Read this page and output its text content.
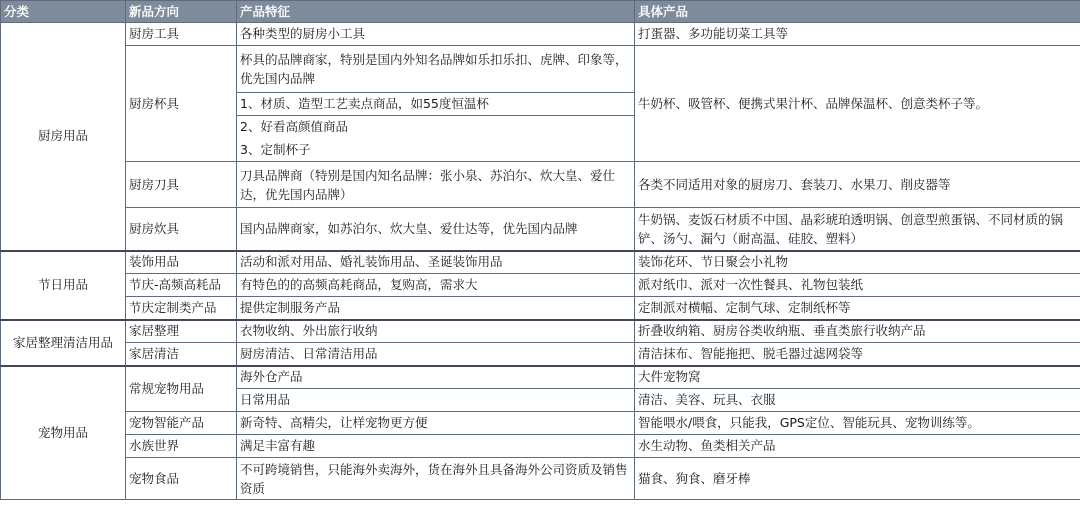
分类	新品方向	产品特征	具体产品
厨房用品	厨房工具	各种类型的厨房小工具	打蛋器、多功能切菜工具等
	厨房杯具	杯具的品牌商家，特别是国内外知名品牌如乐扣乐扣、虎牌、印象等，优先国内品牌	牛奶杯、吸管杯、便携式果汁杯、品牌保温杯、创意类杯子等。
		1、材质、造型工艺卖点商品，如55度恒温杯	
		2、好看高颜值商品	
		3、定制杯子	
	厨房刀具	刀具品牌商（特别是国内知名品牌：张小泉、苏泊尔、炊大皇、爱仕达，优先国内品牌）	各类不同适用对象的厨房刀、套装刀、水果刀、削皮器等
	厨房炊具	国内品牌商家，如苏泊尔、炊大皇、爱仕达等，优先国内品牌	牛奶锅、麦饭石材质不中国、晶彩琥珀透明锅、创意型煎蛋锅、不同材质的锅铲、汤勺、漏勺（耐高温、硅胶、塑料）
节日用品	装饰用品	活动和派对用品、婚礼装饰用品、圣诞装饰用品	装饰花环、节日聚会小礼物
	节庆-高频高耗品	有特色的的高频高耗商品，复购高，需求大	派对纸巾、派对一次性餐具、礼物包装纸
	节庆定制类产品	提供定制服务产品	定制派对横幅、定制气球、定制纸杯等
家居整理清洁用品	家居整理	衣物收纳、外出旅行收纳	折叠收纳箱、厨房谷类收纳瓶、垂直类旅行收纳产品
	家居清洁	厨房清洁、日常清洁用品	清洁抹布、智能拖把、脱毛器过滤网袋等
宠物用品	常规宠物用品	海外仓产品	大件宠物窝
		日常用品	清洁、美容、玩具、衣服
	宠物智能产品	新奇特、高精尖，让样宠物更方便	智能喂水/喂食，只能我，GPS定位、智能玩具、宠物训练等。
	水族世界	满足丰富有趣	水生动物、鱼类相关产品
	宠物食品	不可跨境销售，只能海外卖海外，货在海外且具备海外公司资质及销售资质	猫食、狗食、磨牙棒
